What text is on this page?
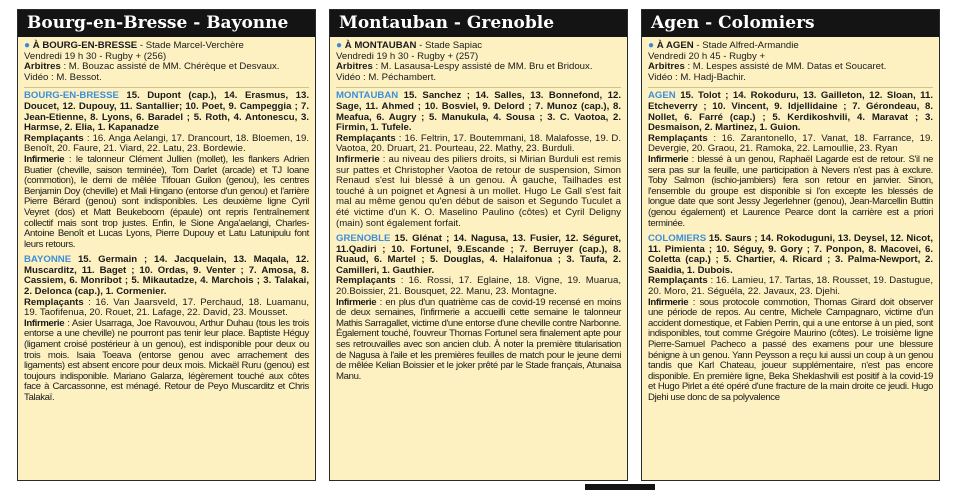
Bourg-en-Bresse - Bayonne
● À BOURG-EN-BRESSE - Stade Marcel-Verchère
Vendredi 19 h 30 - Rugby + (256)
Arbitres : M. Bouzac assisté de MM. Chérèque et Desvaux.
Vidéo : M. Bessot.
BOURG-EN-BRESSE 15. Dupont (cap.), 14. Erasmus, 13. Doucet, 12. Dupouy, 11. Santallier; 10. Poet, 9. Campeggia ; 7. Jean-Etienne, 8. Lyons, 6. Baradel ; 5. Roth, 4. Antonescu, 3. Harmse, 2. Elia, 1. Kapanadze
Remplaçants : 16. Anga Aelangi, 17. Drancourt, 18. Bloemen, 19. Benoît, 20. Faure, 21. Viard, 22. Latu, 23. Bordewie.
Infirmerie : le talonneur Clément Jullien (mollet), les flankers Adrien Buatier (cheville, saison terminée), Tom Darlet (arcade) et TJ Ioane (commotion), le demi de mêlée Tifouan Guilon (genou), les centres Benjamin Doy (cheville) et Mali Hingano (entorse d'un genou) et l'arrière Pierre Bérard (genou) sont indisponibles. Les deuxième ligne Cyril Veyret (dos) et Matt Beukeboom (épaule) ont repris l'entraînement collectif mais sont trop justes. Enfin, le Sione Anga'aelangi, Charles-Antoine Benoît et Lucas Lyons, Pierre Dupouy et Latu Latunipulu font leurs retours.
BAYONNE 15. Germain ; 14. Jacquelain, 13. Maqala, 12. Muscarditz, 11. Baget ; 10. Ordas, 9. Venter ; 7. Amosa, 8. Cassiem, 6. Monribot ; 5. Mikautadze, 4. Marchois ; 3. Talakai, 2. Delonca (cap.), 1. Cormenier.
Remplaçants : 16. Van Jaarsveld, 17. Perchaud, 18. Luamanu, 19. Taofifenua, 20. Rouet, 21. Lafage, 22. David, 23. Mousset.
Infirmerie : Asier Usarraga, Joe Ravouvou, Arthur Duhau (tous les trois entorse a une cheville) ne pourront pas tenir leur place. Baptiste Héguy (ligament croisé postérieur à un genou), est indisponible pour deux ou trois mois. Isaia Toeava (entorse genou avec arrachement des ligaments) est absent encore pour deux mois. Mickaël Ruru (genou) est toujours indisponible. Mariano Galarza, légèrement touché aux côtes face à Carcassonne, est ménagé. Retour de Peyo Muscarditz et Chris Talakaï.
Montauban - Grenoble
● À MONTAUBAN - Stade Sapiac
Vendredi 19 h 30 - Rugby + (257)
Arbitres : M. Lasausa-Lespy assisté de MM. Bru et Bridoux.
Vidéo : M. Péchambert.
MONTAUBAN 15. Sanchez ; 14. Salles, 13. Bonnefond, 12. Sage, 11. Ahmed ; 10. Bosviel, 9. Delord ; 7. Munoz (cap.), 8. Meafua, 6. Augry ; 5. Manukula, 4. Sousa ; 3. C. Vaotoa, 2. Firmin, 1. Tufele.
Remplaçants : 16. Feltrin, 17. Boutemmani, 18. Malafosse, 19. D. Vaotoa, 20. Druart, 21. Pourteau, 22. Mathy, 23. Burduli.
Infirmerie : au niveau des piliers droits, si Mirian Burduli est remis sur pattes et Christopher Vaotoa de retour de suspension, Simon Renaud s'est lui blessé à un genou. À gauche, Tailhades est touché à un poignet et Agnesi à un mollet. Hugo Le Gall s'est fait mal au même genou qu'en début de saison et Segundo Tuculet a été victime d'un K. O. Maselino Paulino (côtes) et Cyril Deligny (main) sont également forfait.
GRENOBLE 15. Glénat ; 14. Nagusa, 13. Fusier, 12. Séguret, 11.Qadiri ; 10. Fortunel, 9.Escande ; 7. Berruyer (cap.), 8. Ruaud, 6. Martel ; 5. Douglas, 4. Halaifonua ; 3. Taufa, 2. Camilleri, 1. Gauthier.
Remplaçants : 16. Rossi, 17. Eglaine, 18. Vigne, 19. Muarua, 20.Boissier, 21. Bousquet, 22. Manu, 23. Montagne.
Infirmerie : en plus d'un quatrième cas de covid-19 recensé en moins de deux semaines, l'infirmerie a accueilli cette semaine le talonneur Mathis Sarragallet, victime d'une entorse d'une cheville contre Narbonne. Également touché, l'ouvreur Thomas Fortunel sera finalement apte pour ses retrouvailles avec son ancien club. À noter la première titularisation de Nagusa à l'aile et les premières feuilles de match pour le jeune demi de mêlée Kelian Boissier et le joker prêté par le Stade français, Atunaisa Manu.
Agen - Colomiers
● À AGEN - Stade Alfred-Armandie
Vendredi 20 h 45 - Rugby +
Arbitres : M. Lespes assisté de MM. Datas et Soucaret.
Vidéo : M. Hadj-Bachir.
AGEN 15. Tolot ; 14. Rokoduru, 13. Gailleton, 12. Sloan, 11. Etcheverry ; 10. Vincent, 9. Idjellidaine ; 7. Gérondeau, 8. Nollet, 6. Farré (cap.) ; 5. Kerdikoshvili, 4. Maravat ; 3. Desmaison, 2. Martinez, 1. Guion.
Remplaçants : 16. Zarantonello, 17. Vanat, 18. Farrance, 19. Devergie, 20. Graou, 21. Ramoka, 22. Lamoullie, 23. Ryan
Infirmerie : blessé à un genou, Raphaël Lagarde est de retour. S'il ne sera pas sur la feuille, une participation à Nevers n'est pas à exclure. Toby Salmon (ischio-jambiers) fera son retour en janvier. Sinon, l'ensemble du groupe est disponible si l'on excepte les blessés de longue date que sont Jessy Jegerlehner (genou), Jean-Marcellin Buttin (genou également) et Laurence Pearce dont la carrière est a priori terminée.
COLOMIERS 15. Saurs ; 14. Rokoduguni, 13. Deysel, 12. Nicot, 11. Pimienta ; 10. Séguy, 9. Gory ; 7. Ponpon, 8. Macovei, 6. Coletta (cap.) ; 5. Chartier, 4. Ricard ; 3. Palma-Newport, 2. Saaidia, 1. Dubois.
Remplaçants : 16. Lamieu, 17. Tartas, 18. Rousset, 19. Dastugue, 20. Moro, 21. Séguéla, 22. Javaux, 23. Djehi.
Infirmerie : sous protocole commotion, Thomas Girard doit observer une période de repos. Au centre, Michele Campagnaro, victime d'un accident domestique, et Fabien Perrin, qui a une entorse à un pied, sont indisponibles, tout comme Grégoire Maurino (côtes). Le troisième ligne Pierre-Samuel Pacheco a passé des examens pour une blessure bénigne à un genou. Yann Peysson a reçu lui aussi un coup à un genou tandis que Karl Chateau, joueur supplémentaire, n'est pas encore disponible. En première ligne, Beka Sheklashvili est positif à la covid-19 et Hugo Pirlet a été opéré d'une fracture de la main droite ce jeudi. Hugo Djehi use donc de sa polyvalence
